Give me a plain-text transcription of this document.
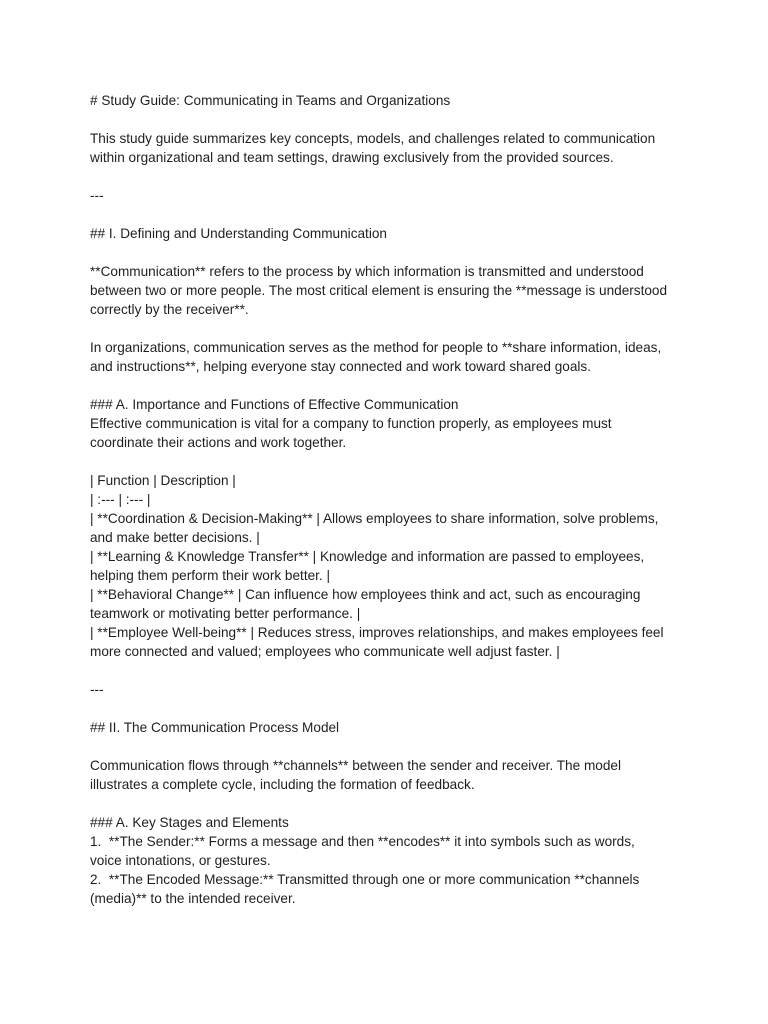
# Study Guide: Communicating in Teams and Organizations
This study guide summarizes key concepts, models, and challenges related to communication
within organizational and team settings, drawing exclusively from the provided sources.
---
## I. Defining and Understanding Communication
**Communication** refers to the process by which information is transmitted and understood
between two or more people. The most critical element is ensuring the **message is understood
correctly by the receiver**.
In organizations, communication serves as the method for people to **share information, ideas,
and instructions**, helping everyone stay connected and work toward shared goals.
### A. Importance and Functions of Effective Communication
Effective communication is vital for a company to function properly, as employees must
coordinate their actions and work together.
| Function | Description |
| :--- | :--- |
| **Coordination & Decision-Making** | Allows employees to share information, solve problems,
and make better decisions. |
| **Learning & Knowledge Transfer** | Knowledge and information are passed to employees,
helping them perform their work better. |
| **Behavioral Change** | Can influence how employees think and act, such as encouraging
teamwork or motivating better performance. |
| **Employee Well-being** | Reduces stress, improves relationships, and makes employees feel
more connected and valued; employees who communicate well adjust faster. |
---
## II. The Communication Process Model
Communication flows through **channels** between the sender and receiver. The model
illustrates a complete cycle, including the formation of feedback.
### A. Key Stages and Elements
1.  **The Sender:** Forms a message and then **encodes** it into symbols such as words,
voice intonations, or gestures.
2.  **The Encoded Message:** Transmitted through one or more communication **channels
(media)** to the intended receiver.
